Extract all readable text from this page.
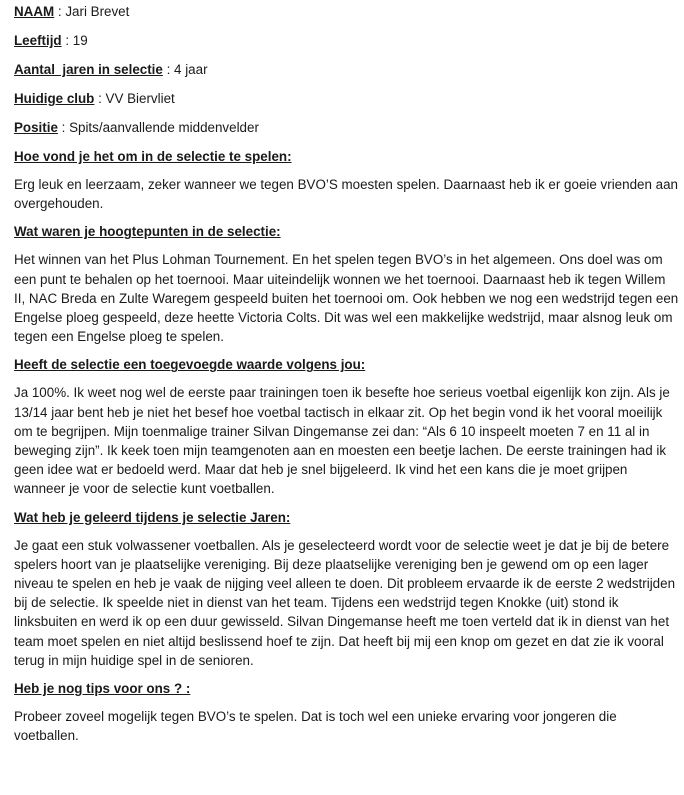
NAAM : Jari Brevet
Leeftijd : 19
Aantal  jaren in selectie : 4 jaar
Huidige club : VV Biervliet
Positie : Spits/aanvallende middenvelder
Hoe vond je het om in de selectie te spelen:
Erg leuk en leerzaam, zeker wanneer we tegen BVO’S moesten spelen. Daarnaast heb ik er goeie vrienden aan overgehouden.
Wat waren je hoogtepunten in de selectie:
Het winnen van het Plus Lohman Tournement. En het spelen tegen BVO’s in het algemeen. Ons doel was om een punt te behalen op het toernooi. Maar uiteindelijk wonnen we het toernooi. Daarnaast heb ik tegen Willem II, NAC Breda en Zulte Waregem gespeeld buiten het toernooi om. Ook hebben we nog een wedstrijd tegen een Engelse ploeg gespeeld, deze heette Victoria Colts. Dit was wel een makkelijke wedstrijd, maar alsnog leuk om tegen een Engelse ploeg te spelen.
Heeft de selectie een toegevoegde waarde volgens jou:
Ja 100%. Ik weet nog wel de eerste paar trainingen toen ik besefte hoe serieus voetbal eigenlijk kon zijn. Als je 13/14 jaar bent heb je niet het besef hoe voetbal tactisch in elkaar zit. Op het begin vond ik het vooral moeilijk om te begrijpen. Mijn toenmalige trainer Silvan Dingemanse zei dan: “Als 6 10 inspeelt moeten 7 en 11 al in beweging zijn”. Ik keek toen mijn teamgenoten aan en moesten een beetje lachen. De eerste trainingen had ik geen idee wat er bedoeld werd. Maar dat heb je snel bijgeleerd. Ik vind het een kans die je moet grijpen wanneer je voor de selectie kunt voetballen.
Wat heb je geleerd tijdens je selectie Jaren:
Je gaat een stuk volwassener voetballen. Als je geselecteerd wordt voor de selectie weet je dat je bij de betere spelers hoort van je plaatselijke vereniging. Bij deze plaatselijke vereniging ben je gewend om op een lager niveau te spelen en heb je vaak de nijging veel alleen te doen. Dit probleem ervaarde ik de eerste 2 wedstrijden bij de selectie. Ik speelde niet in dienst van het team. Tijdens een wedstrijd tegen Knokke (uit) stond ik linksbuiten en werd ik op een duur gewisseld. Silvan Dingemanse heeft me toen verteld dat ik in dienst van het team moet spelen en niet altijd beslissend hoef te zijn. Dat heeft bij mij een knop om gezet en dat zie ik vooral terug in mijn huidige spel in de senioren.
Heb je nog tips voor ons ? :
Probeer zoveel mogelijk tegen BVO’s te spelen. Dat is toch wel een unieke ervaring voor jongeren die voetballen.
